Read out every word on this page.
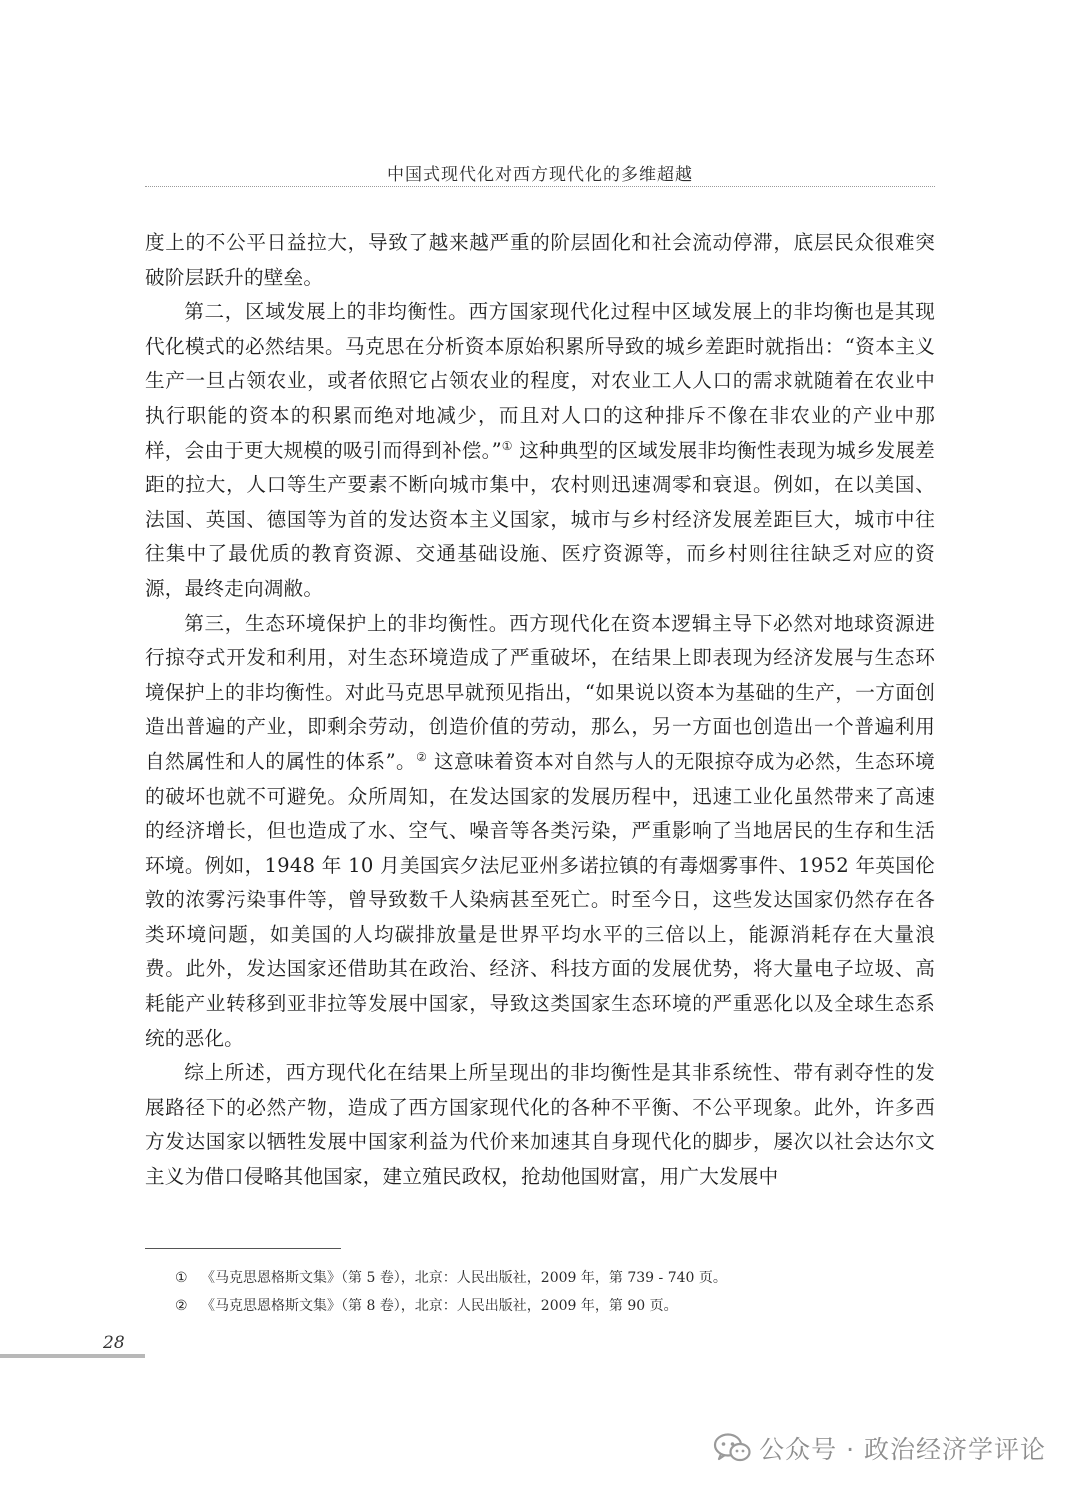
中国式现代化对西方现代化的多维超越

度上的不公平日益拉大，导致了越来越严重的阶层固化和社会流动停滞，底层民众很难突破阶层跃升的壁垒。

第二，区域发展上的非均衡性。西方国家现代化过程中区域发展上的非均衡也是其现代化模式的必然结果。马克思在分析资本原始积累所导致的城乡差距时就指出：“资本主义生产一旦占领农业，或者依照它占领农业的程度，对农业工人人口的需求就随着在农业中执行职能的资本的积累而绝对地减少，而且对人口的这种排斥不像在非农业的产业中那样，会由于更大规模的吸引而得到补偿。”① 这种典型的区域发展非均衡性表现为城乡发展差距的拉大，人口等生产要素不断向城市集中，农村则迅速凋零和衰退。例如，在以美国、法国、英国、德国等为首的发达资本主义国家，城市与乡村经济发展差距巨大，城市中往往集中了最优质的教育资源、交通基础设施、医疗资源等，而乡村则往往缺乏对应的资源，最终走向凋敝。

第三，生态环境保护上的非均衡性。西方现代化在资本逻辑主导下必然对地球资源进行掠夺式开发和利用，对生态环境造成了严重破坏，在结果上即表现为经济发展与生态环境保护上的非均衡性。对此马克思早就预见指出，“如果说以资本为基础的生产，一方面创造出普遍的产业，即剩余劳动，创造价值的劳动，那么，另一方面也创造出一个普遍利用自然属性和人的属性的体系”。② 这意味着资本对自然与人的无限掠夺成为必然，生态环境的破坏也就不可避免。众所周知，在发达国家的发展历程中，迅速工业化虽然带来了高速的经济增长，但也造成了水、空气、噪音等各类污染，严重影响了当地居民的生存和生活环境。例如，1948 年 10 月美国宾夕法尼亚州多诺拉镇的有毒烟雾事件、1952 年英国伦敦的浓雾污染事件等，曾导致数千人染病甚至死亡。时至今日，这些发达国家仍然存在各类环境问题，如美国的人均碳排放量是世界平均水平的三倍以上，能源消耗存在大量浪费。此外，发达国家还借助其在政治、经济、科技方面的发展优势，将大量电子垃圾、高耗能产业转移到亚非拉等发展中国家，导致这类国家生态环境的严重恶化以及全球生态系统的恶化。

综上所述，西方现代化在结果上所呈现出的非均衡性是其非系统性、带有剥夺性的发展路径下的必然产物，造成了西方国家现代化的各种不平衡、不公平现象。此外，许多西方发达国家以牺牲发展中国家利益为代价来加速其自身现代化的脚步，屡次以社会达尔文主义为借口侵略其他国家，建立殖民政权，抢劫他国财富，用广大发展中

① 《马克思恩格斯文集》（第 5 卷），北京：人民出版社，2009 年，第 739 - 740 页。

② 《马克思恩格斯文集》（第 8 卷），北京：人民出版社，2009 年，第 90 页。

28
公众号 · 政治经济学评论
